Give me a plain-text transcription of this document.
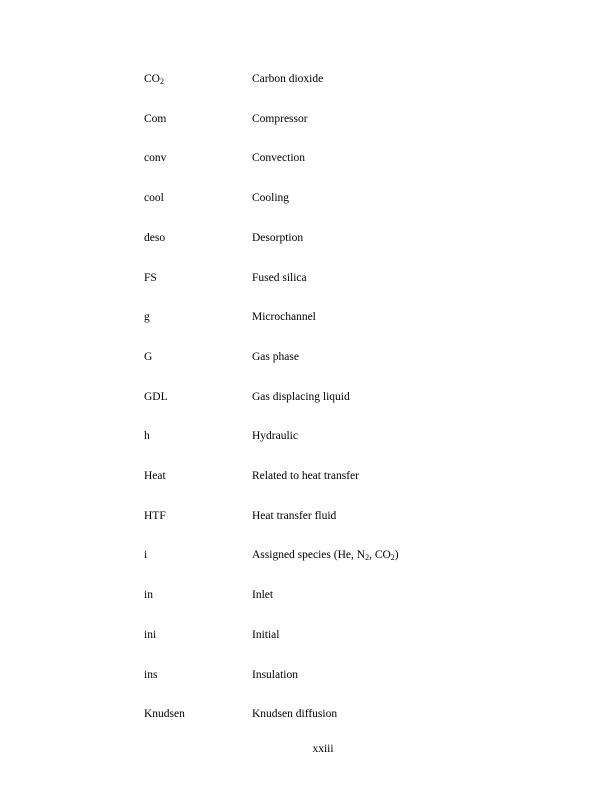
$CO_2$	Carbon dioxide
Com	Compressor
conv	Convection
cool	Cooling
deso	Desorption
FS	Fused silica
g	Microchannel
G	Gas phase
GDL	Gas displacing liquid
h	Hydraulic
Heat	Related to heat transfer
HTF	Heat transfer fluid
i	Assigned species (He, $N_2$, $CO_2$)
in	Inlet
ini	Initial
ins	Insulation
Knudsen	Knudsen diffusion
xxiii
